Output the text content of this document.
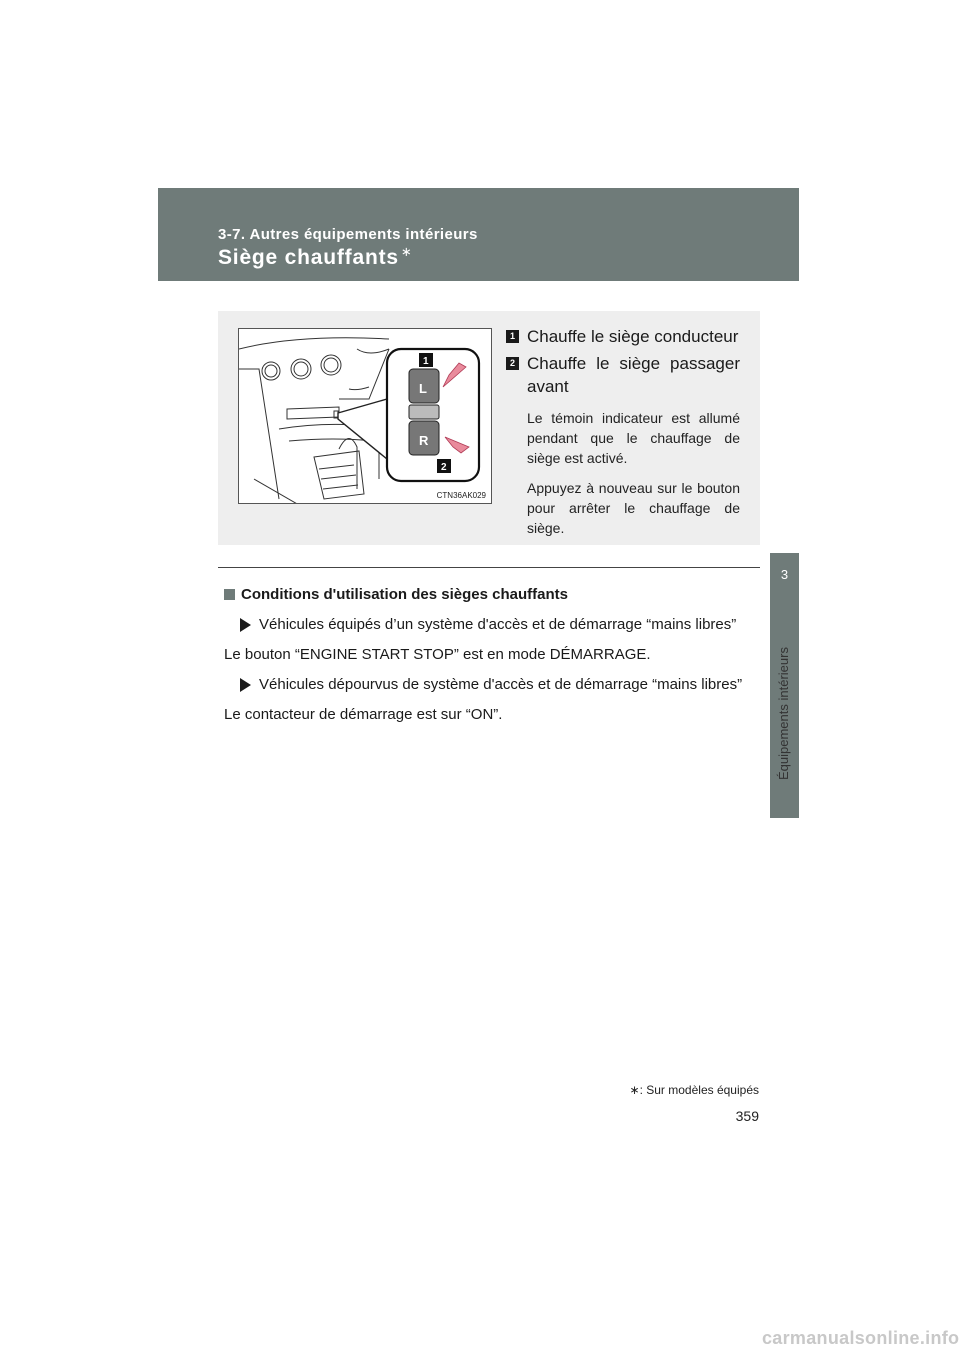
3-7. Autres équipements intérieurs
Siège chauffants ∗
3
Équipements intérieurs
L
R
1
2
CTN36AK029
1 Chauffe le siège conducteur
2 Chauffe le siège passager avant

Le témoin indicateur est allumé pendant que le chauffage de siège est activé.

Appuyez à nouveau sur le bouton pour arrêter le chauffage de siège.

Conditions d'utilisation des sièges chauffants
Véhicules équipés d’un système d'accès et de démarrage “mains libres”
Le bouton “ENGINE START STOP” est en mode DÉMARRAGE.
Véhicules dépourvus de système d'accès et de démarrage “mains libres”
Le contacteur de démarrage est sur “ON”.
∗: Sur modèles équipés
359
carmanualsonline.info
